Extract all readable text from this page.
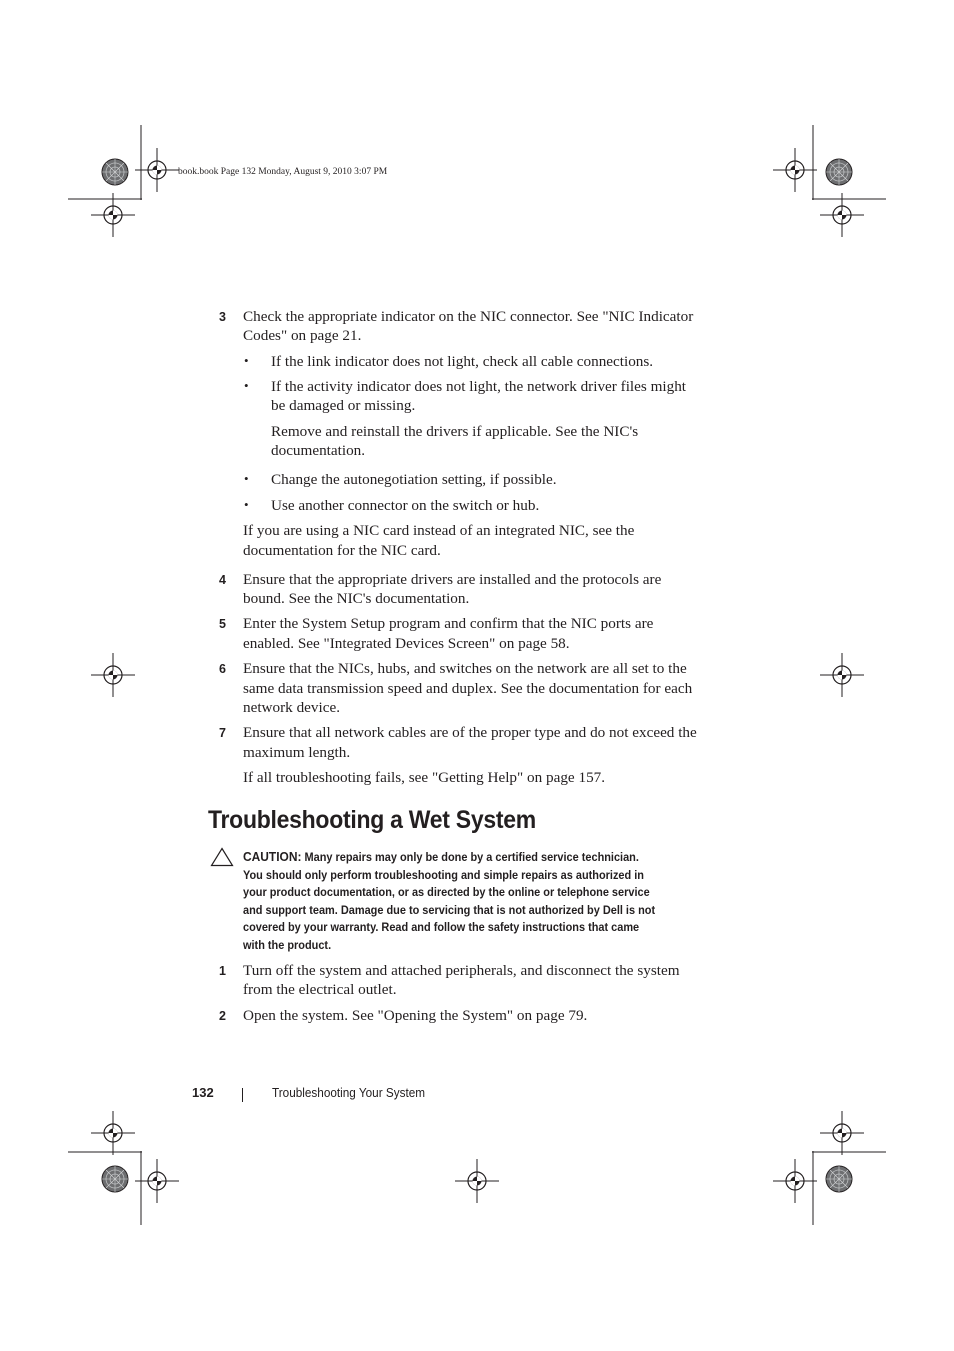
book.book Page 132 Monday, August 9, 2010 3:07 PM
3 Check the appropriate indicator on the NIC connector. See "NIC Indicator
Codes" on page 21.
• If the link indicator does not light, check all cable connections.
• If the activity indicator does not light, the network driver files might
be damaged or missing.
Remove and reinstall the drivers if applicable. See the NIC's
documentation.
• Change the autonegotiation setting, if possible.
• Use another connector on the switch or hub.
If you are using a NIC card instead of an integrated NIC, see the
documentation for the NIC card.
4 Ensure that the appropriate drivers are installed and the protocols are
bound. See the NIC's documentation.
5 Enter the System Setup program and confirm that the NIC ports are
enabled. See "Integrated Devices Screen" on page 58.
6 Ensure that the NICs, hubs, and switches on the network are all set to the
same data transmission speed and duplex. See the documentation for each
network device.
7 Ensure that all network cables are of the proper type and do not exceed the
maximum length.
If all troubleshooting fails, see "Getting Help" on page 157.
Troubleshooting a Wet System
CAUTION: Many repairs may only be done by a certified service technician.
You should only perform troubleshooting and simple repairs as authorized in
your product documentation, or as directed by the online or telephone service
and support team. Damage due to servicing that is not authorized by Dell is not
covered by your warranty. Read and follow the safety instructions that came
with the product.
1 Turn off the system and attached peripherals, and disconnect the system
from the electrical outlet.
2 Open the system. See "Opening the System" on page 79.
132	Troubleshooting Your System
